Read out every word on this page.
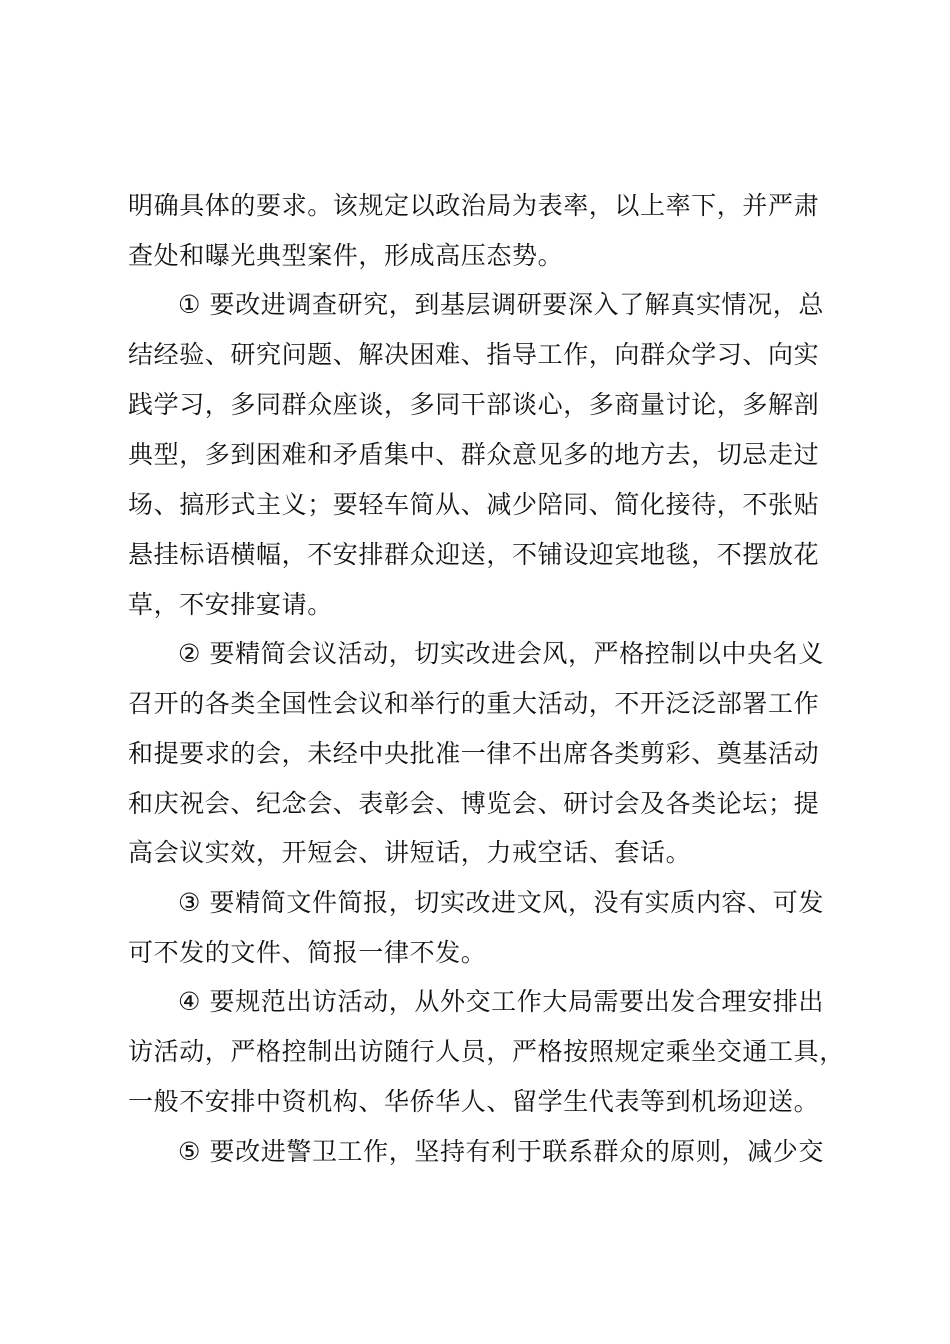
明确具体的要求。该规定以政治局为表率，以上率下，并严肃
查处和曝光典型案件，形成高压态势。
① 要改进调查研究，到基层调研要深入了解真实情况，总
结经验、研究问题、解决困难、指导工作，向群众学习、向实
践学习，多同群众座谈，多同干部谈心，多商量讨论，多解剖
典型，多到困难和矛盾集中、群众意见多的地方去，切忌走过
场、搞形式主义；要轻车简从、减少陪同、简化接待，不张贴
悬挂标语横幅，不安排群众迎送，不铺设迎宾地毯，不摆放花
草，不安排宴请。
② 要精简会议活动，切实改进会风，严格控制以中央名义
召开的各类全国性会议和举行的重大活动，不开泛泛部署工作
和提要求的会，未经中央批准一律不出席各类剪彩、奠基活动
和庆祝会、纪念会、表彰会、博览会、研讨会及各类论坛；提
高会议实效，开短会、讲短话，力戒空话、套话。
③ 要精简文件简报，切实改进文风，没有实质内容、可发
可不发的文件、简报一律不发。
④ 要规范出访活动，从外交工作大局需要出发合理安排出
访活动，严格控制出访随行人员，严格按照规定乘坐交通工具，
一般不安排中资机构、华侨华人、留学生代表等到机场迎送。
⑤ 要改进警卫工作，坚持有利于联系群众的原则，减少交
